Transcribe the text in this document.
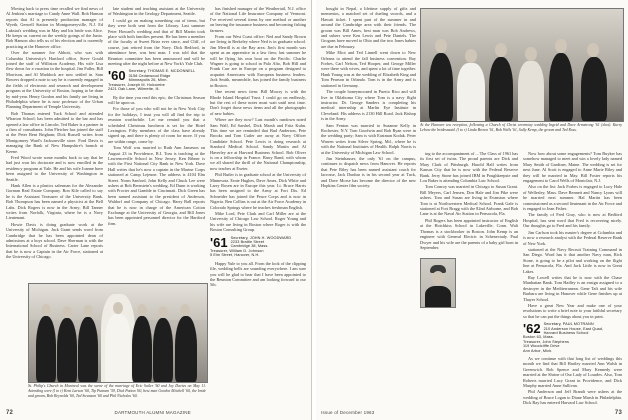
Moving back to press time recalled we find news of Al Jenkins's marriage to Candy Anne Wall. Bob Hanson reports that Al is presently production manager of Wyeth, Gencell Station in Montgomeryville, N.J. Ed Lukstat's wedding was in May and his bride was Alice. He keeps us current on the weekly goings of the Junto. Bob Hanson also tells us of his election and is currently practicing at the Hanover office.

Over the summer Joe Abbott, who was with Columbia University's Hartford office, Steve Gould joined the staff of Williston Academy. His wife Lisa flew down for a vacation in the hospital. Jim Fuller, Bill Morrison, and Al Maddock are now settled in. Sam Bowers dropped a note to say he is currently engaged in the fields of electronic and research and development program at the University of Boston, hoping to be done by mid-year. Henry Gordon and his family are living in Philadelphia where he is now professor of the Urban Planning Department of Temple University.

Bob Thomas entered Tuck School and attended Wharton School; has been admitted to the bar and has opened a law office in Lincoln. Ted Baker is a partner in a firm of consultants. John Fletcher has joined the staff at the Peter Bent Brigham; Dick Russell writes from Montgomery Ward's Jacksonville store. Ford Davis is managing the Bank of New Hampshire's branch at Keene.

Fred Wood wrote some months back to say that he had just won his doctorate and is now enrolled in the residency program at Yale. He and his wife Joanne have been assigned to the University of Washington in Seattle.

Hank Allen is a plastics salesman for the Alexander Gorman Real Estate Company. Ron Kile called to say he is the Assistant Treasurer of the University Bank. Bob Thompson has been named a physicist at the Bell Labs. Dick Rogers is now in the Army; Bill Tanner writes from Norfolk, Virginia, where he is a Navy Lieutenant.

Howie Davis is doing graduate work at the University of Michigan. Jack Grant sends word from Cambridge that he has been appointed dean of admissions at a boys school. Dave Sherman is with the International School of Business. Carter Lane reports that he is now a Captain in the Air Force, stationed at the University of Chicago.

late student and teaching assistant at the University of Washington in the Geology Department, Seattle.

I could go on making something out of items, but they were both sent from the Library. Last summer Peter Howard's wedding and that of Bill Martin took place with both families present. He has been a member of the faculty at Sweet Briar ever since, and Cliff, of course, just retired from the Navy. Dick Bedford, in attendance here, was best man. I was told that the Reunion committee has been announced and will be meeting after the night before at New York's Yale Club.

'60 Secretary, THOMAS E. MCDONNELL
3158 Cedarwood Ridge
Minneapolis 26, Minn.
Treasurer, Joseph M. Holcombe
2421 Oak Lane, Wilmette, Ill.

By the time you read this epic, the Christmas Season will be upon us.

For those of you who will not be in New York City for the holidays, I trust you will all find the trip to reunion worthwhile. Let me remind you that a scheduled Christmas luncheon is set for the Hotel Lexington. Fifty members of the class have already signed up, and there is plenty of room for more. If you are within range, come by.

Tom Wolf was married to Ruth Ann Jameson on August 23 in Providence, R.I. Tom is teaching at the Lawrenceville School in New Jersey. Ken Ribner is with the First National City Bank in New York. Dave Hall writes that he's now a captain in the Marine Corps stationed at Camp Lejeune. The address is 4104 Elm Street. Norm Sanford, John Kelly and Chuck Lee were ushers at Bob Bernstein's wedding. Ed Dunn is working with Procter and Gamble in Cincinnati. Dick Green has been named assistant to the president of Anderson, Waldorf and Company of Chicago. Harry Ball reports that he is now in charge of the American Cotton Exchange at the University of Georgia, and Bill Jones has been appointed personnel director for the Hartford firm.

has finished manager of the Weathertail, N.J. office of the National Life Insurance Company of Vermont. I've received several items by one method or another on leaving the insurance business and becoming fishing farmers.

From our West Coast office: Ned and Sandy Brown are living in Berkeley where Ned is in graduate school. Jim Merrill is at the Bay area. Jim's first month was spent as an apprentice in a law firm; last summer he will be flying his own boat on the Pacific. Charlie Wagner is going to school in Palo Alto, Bob Hill and Frank Carr are in Europe on a program designed to acquaint Americans with European business leaders. Jack Smith, meanwhile, has joined the family business in Boston.

One recent news item: Bill Mowry is with the Rhode Island Hospital Trust. I could go on endlessly, but the rest of these notes must wait until next time. Don't forget those news items and all the photographs of new babies.

Where are they now? Last month's rundown noted Sam Wall, Ed Sarshel, Dick Marsh and Fritz Kuhn. This time we are reminded that Bud Anderson, Pete Brooks and Tom Cutler are away at Navy Officer Candidate School. Pete Lewis is doing research at Stanford Medical School. Sandy Martin and Al Haverley are at Harvard Business School. Bob Oliver is on a fellowship in France. Barry Rand, with whom we all shared the thrill of the National Championship, now teaches at Exeter.

Phil Butler is in graduate school at the University of Minnesota. Ernie Hughes, Dave Ames, Dick White and Larry Rosen are in Europe this year. Lt. Bruce Harris has been assigned to the Army at Fort Dix. Ed Schneider has joined the Peace Corps and is now in Nigeria. Ben Collins is out at the Air Force Academy in Colorado Springs where he teaches freshman English.

Mike Lord, Pete Clark and Carl Miller are at the University of Chicago Law School. Roger Young and his wife are living in Boston where Roger is with the Boston Consulting Group.

'61 Secretary, JOHN H. WOODWARD
2233 Brattle Street
Cambridge 38, Mass.
Treasurer, William D. Johnson
5 Elm Street, Hanover, N.H.

Happy Yule to you all. From the look of the clipping file, wedding bells are sounding everywhere. I am sure you will be glad to hear that I have been appointed to the Reunion Committee and am looking forward to our 5th.

St. Philip's Church in Montreal was the scene of the marriage of Eric Sailer '60 and Joy Davies on May 11. Attending were (l to r) Kent Larson '60, Tip Putnam '59, Dick Patton '60, best man Gordon Mitchell '60, the bride and groom, Bob Reynolds '60, Ted Swanson '60 and Phil Nicholas '60.
72	DARTMOUTH ALUMNI MAGAZINE
At the Hanover tea reception, following a Church of Christ ceremony wedding Ingrid and Dave Armstrong '61 (shot). Kurry Lebow the bridesmaid. (l to r) Linda Brown '61, Bob Wells '61, Sally Kemp, the groom and Ted Ross.

bought in Nepal, a lifetime supply of gifts and mementos, a matched set of dueling swords, and a Hawaii ticket. I spent part of the summer in and around the Cambridge area with their friends. The groom was Bill Ames, best man was Bob Andrews, and ushers were Ken Lewis and Pete Daniels. The Grogans have moved to Ohio and the two Jones babies are due in February.

Mike Eliot and Ted Linnell went down to New Orleans to attend the fall business convention. Ray Forbes, Carl Nelson, Ted Hooper, and George Miller were there with wives, and spent a lot of time together. Hank Young was at the wedding of Elizabeth King and Tom Pearson in Orlando. Tom is in the Army and is stationed in Germany.

The couple honeymooned in Puerto Rico and will live in Oklahoma City where Tom is a navy flight instructor. Dr. George Sanders is completing his medical internship at Marlin Eye Institute in Cleveland. His address is 2130 Hill Road. Jack Bishop is in the Army.

Sam Fenton was married to Suzanne Kelly in Rochester, N.Y. Tom Goodwin and Bob Ryan were in the wedding party; Sam is with Eastman Kodak. Peter Warren writes from Silver Spring, Md., where he is with the National Institutes of Health. Ralph Norris is at the University of Michigan Law School.

Jim Steinhauser, the only '61 on the campus, continues to dispatch news from Hanover. He reports that Pete Riley has been named assistant coach for lacrosse, Jack Dunbar is in his second year at Tuck, and Dave Morse has become the director of the new Hopkins Center film society.

ing to the accompaniment of ... The Class of 1961 has its first set of twins. The proud parents are Dick and Mary Clark of Pittsburgh. Harold Hall writes from Kansas City that he is now with the Federal Reserve Bank. Jerry Stone has joined IBM in Poughkeepsie and Lou Baker is attending Columbia Law School.

Tom Conroy was married in Chicago to Susan Grant. Bill Meyers, Carl Jensen, Don Hale and Jim Pike were ushers. Tom and Susan are living in Evanston where Tom is at Northwestern Medical School. Frank Gale is stationed at Fort Bragg with the 82nd Airborne, and Bob Lane is at the Naval Air Station in Pensacola, Fla.

Phil Rogers has been appointed instructor of English at the Hotchkiss School in Lakeville, Conn. Walt Thomas is a stockbroker in Boston. John Kemp is an engineer with General Electric in Schenectady. Paul Dwyer and his wife are the parents of a baby girl born in September.

Now how about some engagements? Tom Buyker has somehow managed to meet and win a lovely lady named Mary Smith of Gardiner, Maine. The wedding is set for next June. Al Scott is engaged to Anne Marie Riley and they will be married in May. Bill Foster reports his engagement to Carol Wells of Montclair, N.J.

Also on the list: Jack Forbes is engaged to Lucy Hale of Wellesley, Mass. Dave Bennett and Nancy Lyons will be married next summer. Hal Martin has been commissioned as a second lieutenant in the Air Force and is engaged to Jean Fisher.

The family of Fred Gray, who is now at Bedford Hospital, has sent word that Fred is recovering nicely. Our thoughts go to Fred and his family.

Jim Carlson took his master's degree at Columbia and is now a research analyst with the Federal Reserve Bank of New York.

stationed at the Navy Recruit Training Command in San Diego. Word has it that another Navy man, Rick Stone, is going to be a pilot and working on the flight line at Pensacola, Fla. And Jack Little is now in Great Lakes.

Ray Lowell writes that he is now with the Chase Manhattan Bank. Tom Hadley is an ensign assigned to a destroyer in the Mediterranean. Gene Taft and his wife Barbara are living in Hanover while Gene finishes up at Thayer School.

Have a great New Year and make one of your resolutions to write a brief note to your faithful secretary so that he can put the things about you in print.

'62 Secretary, PAUL MOTRANN
210 Anderson House, East Quad,
Harvard Business School
Boston 63, Mass.
Treasurer, John Stephens
119 Woodcliffe Drive
Ann Arbor, Mich.

As we continue with that long list of weddings this month we find that Bill Hartley married Ann Walsh in Greenwich. Bob Spence and Mary Kennedy were married at the Shrine of Our Lady of Lourdes. Also, Tom Roberts married Lucy Grant in Providence, and Dick Murphy married Anne Sullivan.

Phil Anderson and Jeff Brandt were ushers at the wedding of Bruce Logan to Diane Marsh in Philadelphia. Dick Ray has entered Harvard Law School.

Issue of December 1963	73
